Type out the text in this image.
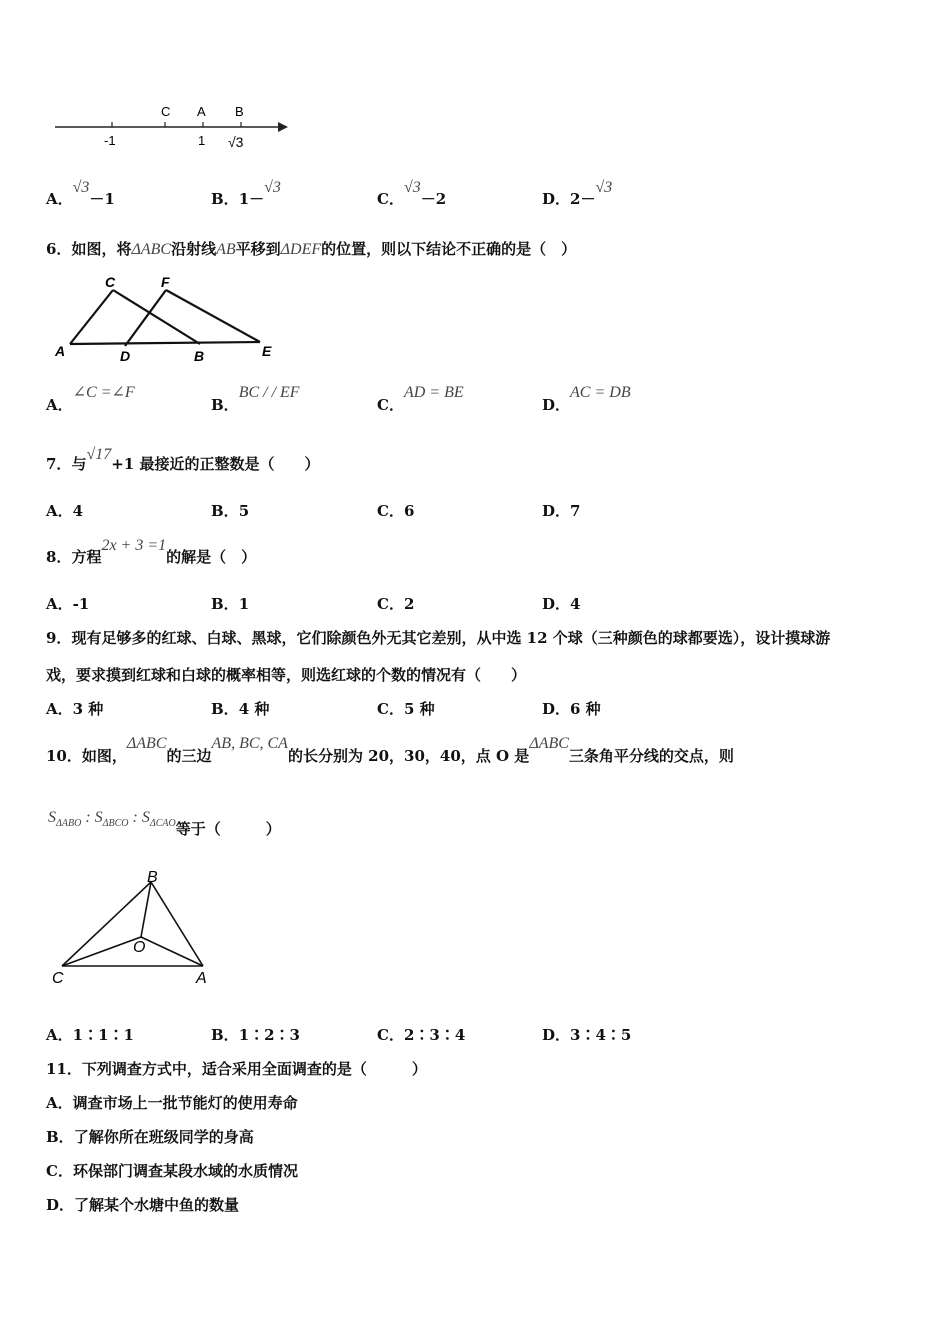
C A B
-1	1 √3
A．√3－1	B．1－√3
C．√3－2	D．2－√3
6．如图，将ΔABC沿射线AB平移到ΔDEF的位置，则以下结论不正确的是（　）
C	F
A	D	B	E
A．∠C =∠F
B．BC / / EF
C．AD = BE
D．AC = DB
7．与√17+1 最接近的正整数是（　　）
A．4	B．5	C．6	D．7
8．方程2x + 3 =1的解是（　）
A．-1	B．1	C．2	D．4
9．现有足够多的红球、白球、黑球，它们除颜色外无其它差别，从中选 12 个球（三种颜色的球都要选），设计摸球游
戏，要求摸到红球和白球的概率相等，则选红球的个数的情况有（　　）
A．3 种	B．4 种	C．5 种	D．6 种
10．如图，ΔABC的三边AB, BC, CA的长分别为 20，30，40，点 O 是ΔABC三条角平分线的交点，则
$S_{\Delta ABO}$ : $S_{\Delta BCO}$ : $S_{\Delta CAO}$等于（　　　）
B
O
C	A
A．1∶1∶1	B．1∶2∶3	C．2∶3∶4	D．3∶4∶5
11．下列调查方式中，适合采用全面调查的是（　　　）
A．调查市场上一批节能灯的使用寿命
B．了解你所在班级同学的身高
C．环保部门调查某段水域的水质情况
D．了解某个水塘中鱼的数量
